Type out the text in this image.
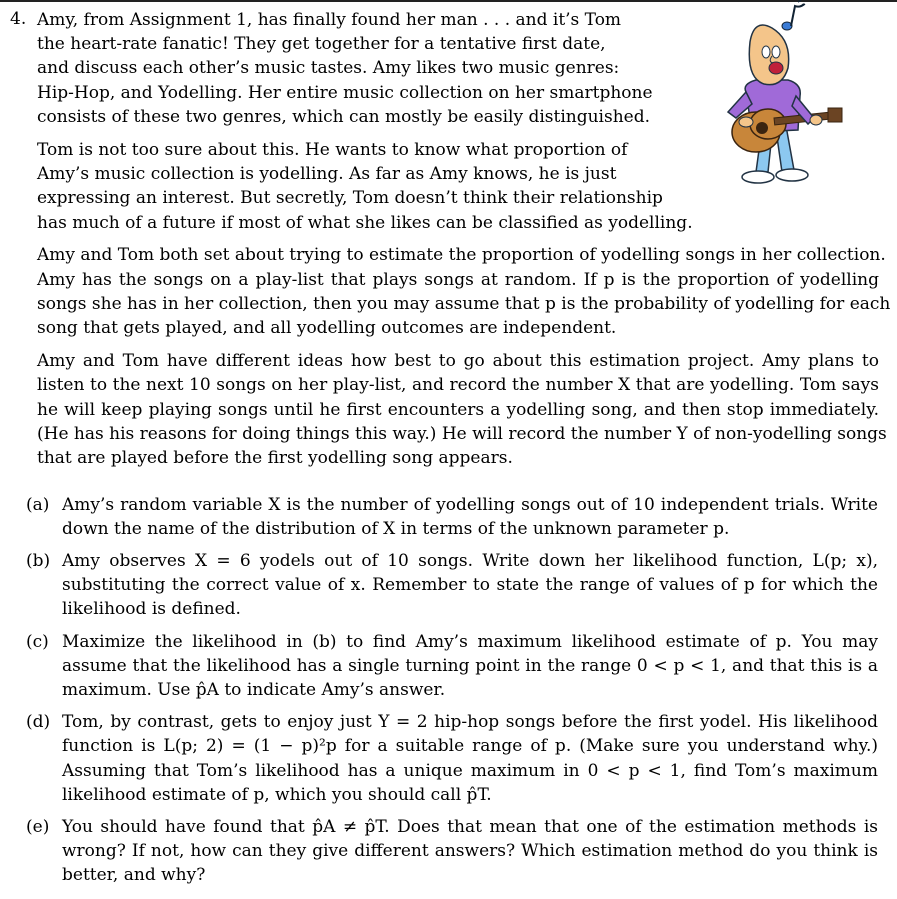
4. Amy, from Assignment 1, has finally found her man . . . and it’s Tom
the heart-rate fanatic! They get together for a tentative first date,
and discuss each other’s music tastes. Amy likes two music genres:
Hip-Hop, and Yodelling. Her entire music collection on her smartphone
consists of these two genres, which can mostly be easily distinguished.
Tom is not too sure about this. He wants to know what proportion of
Amy’s music collection is yodelling. As far as Amy knows, he is just
expressing an interest. But secretly, Tom doesn’t think their relationship
has much of a future if most of what she likes can be classified as yodelling.
Amy and Tom both set about trying to estimate the proportion of yodelling songs in her collection.
Amy has the songs on a play-list that plays songs at random. If p is the proportion of yodelling
songs she has in her collection, then you may assume that p is the probability of yodelling for each
song that gets played, and all yodelling outcomes are independent.
Amy and Tom have different ideas how best to go about this estimation project. Amy plans to
listen to the next 10 songs on her play-list, and record the number X that are yodelling. Tom says
he will keep playing songs until he first encounters a yodelling song, and then stop immediately.
(He has his reasons for doing things this way.) He will record the number Y of non-yodelling songs
that are played before the first yodelling song appears.
(a) Amy’s random variable X is the number of yodelling songs out of 10 independent trials. Write
down the name of the distribution of X in terms of the unknown parameter p.
(b) Amy observes X = 6 yodels out of 10 songs. Write down her likelihood function, L(p; x),
substituting the correct value of x. Remember to state the range of values of p for which the
likelihood is defined.
(c) Maximize the likelihood in (b) to find Amy’s maximum likelihood estimate of p. You may
assume that the likelihood has a single turning point in the range 0 < p < 1, and that this is a
maximum. Use p̂A to indicate Amy’s answer.
(d) Tom, by contrast, gets to enjoy just Y = 2 hip-hop songs before the first yodel. His likelihood
function is L(p; 2) = (1 − p)²p for a suitable range of p. (Make sure you understand why.)
Assuming that Tom’s likelihood has a unique maximum in 0 < p < 1, find Tom’s maximum
likelihood estimate of p, which you should call p̂T.
(e) You should have found that p̂A ≠ p̂T. Does that mean that one of the estimation methods is
wrong? If not, how can they give different answers? Which estimation method do you think is
better, and why?
